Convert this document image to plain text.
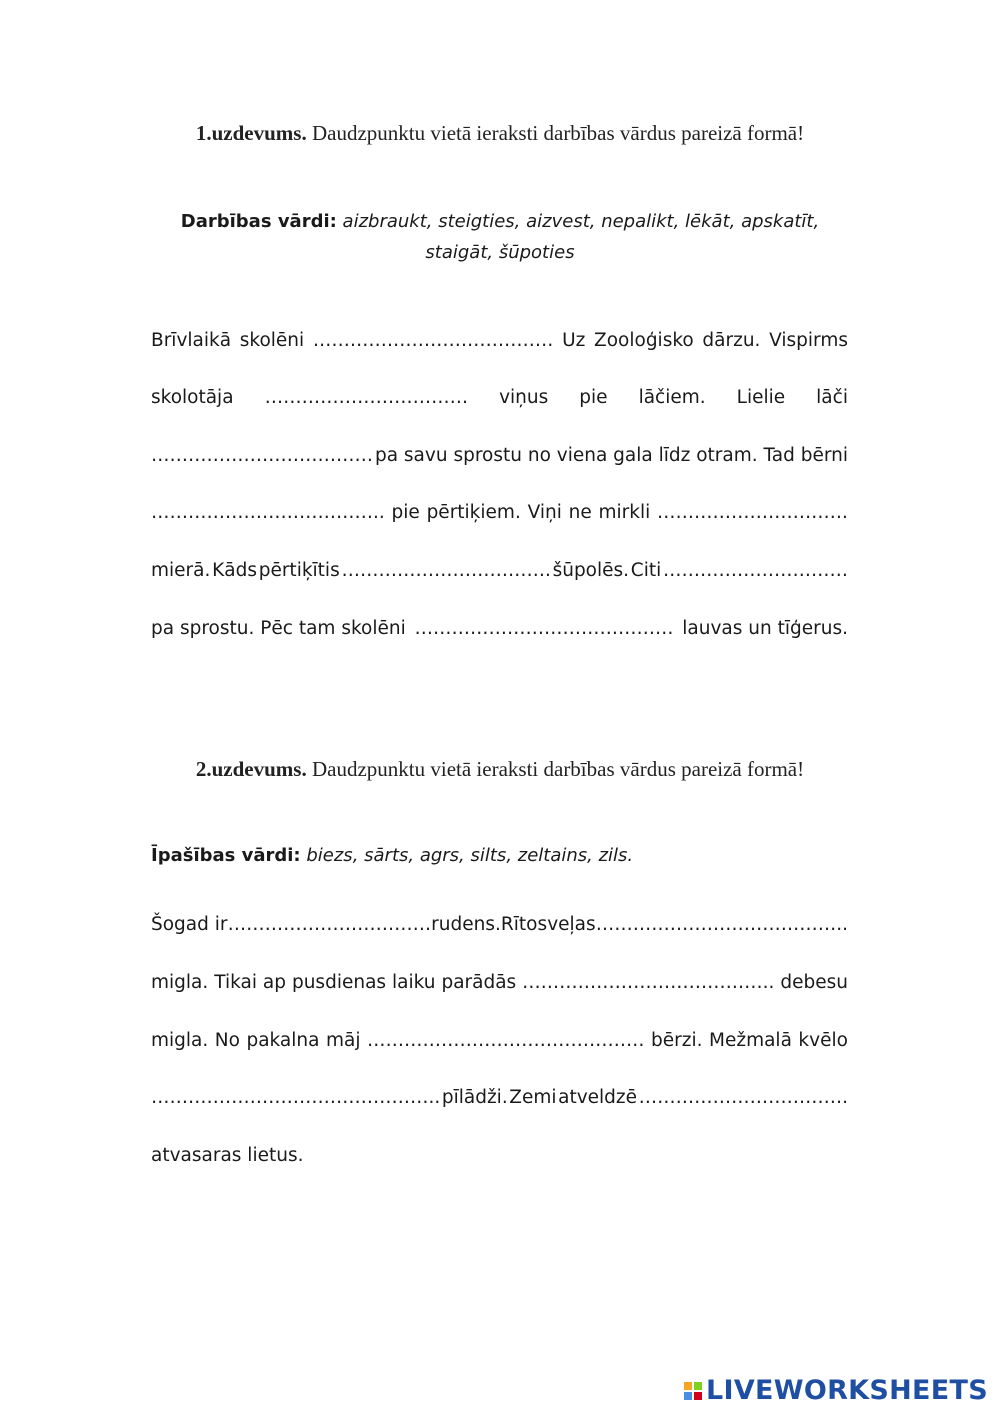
1.uzdevums. Daudzpunktu vietā ieraksti darbības vārdus pareizā formā!
Darbības vārdi: aizbraukt, steigties, aizvest, nepalikt, lēkāt, apskatīt,
staigāt, šūpoties
Brīvlaikā skolēni ………………………………… Uz Zooloģisko dārzu. Vispirms
skolotāja …………………………… viņus pie lāčiem. Lielie lāči
……………………………… pa savu sprostu no viena gala līdz otram. Tad bērni
……………………………….. pie pērtiķiem. Viņi ne mirkli ………………………….
mierā. Kāds pērtiķītis ……………………………. šūpolēs. Citi …………………………
pa sprostu. Pēc tam skolēni …………………………………… lauvas un tīģerus.
2.uzdevums. Daudzpunktu vietā ieraksti darbības vārdus pareizā formā!
Īpašības vārdi: biezs, sārts, agrs, silts, zeltains, zils.
Šogad ir …………………………… rudens. Rītos veļas …………………………………..
migla. Tikai ap pusdienas laiku parādās ………………………………….. debesu
migla. No pakalna māj ……………………………………… bērzi. Mežmalā kvēlo
……………………………………….. pīlādži. Zemi atveldzē …………………………….
atvasaras lietus.
LIVEWORKSHEETS
